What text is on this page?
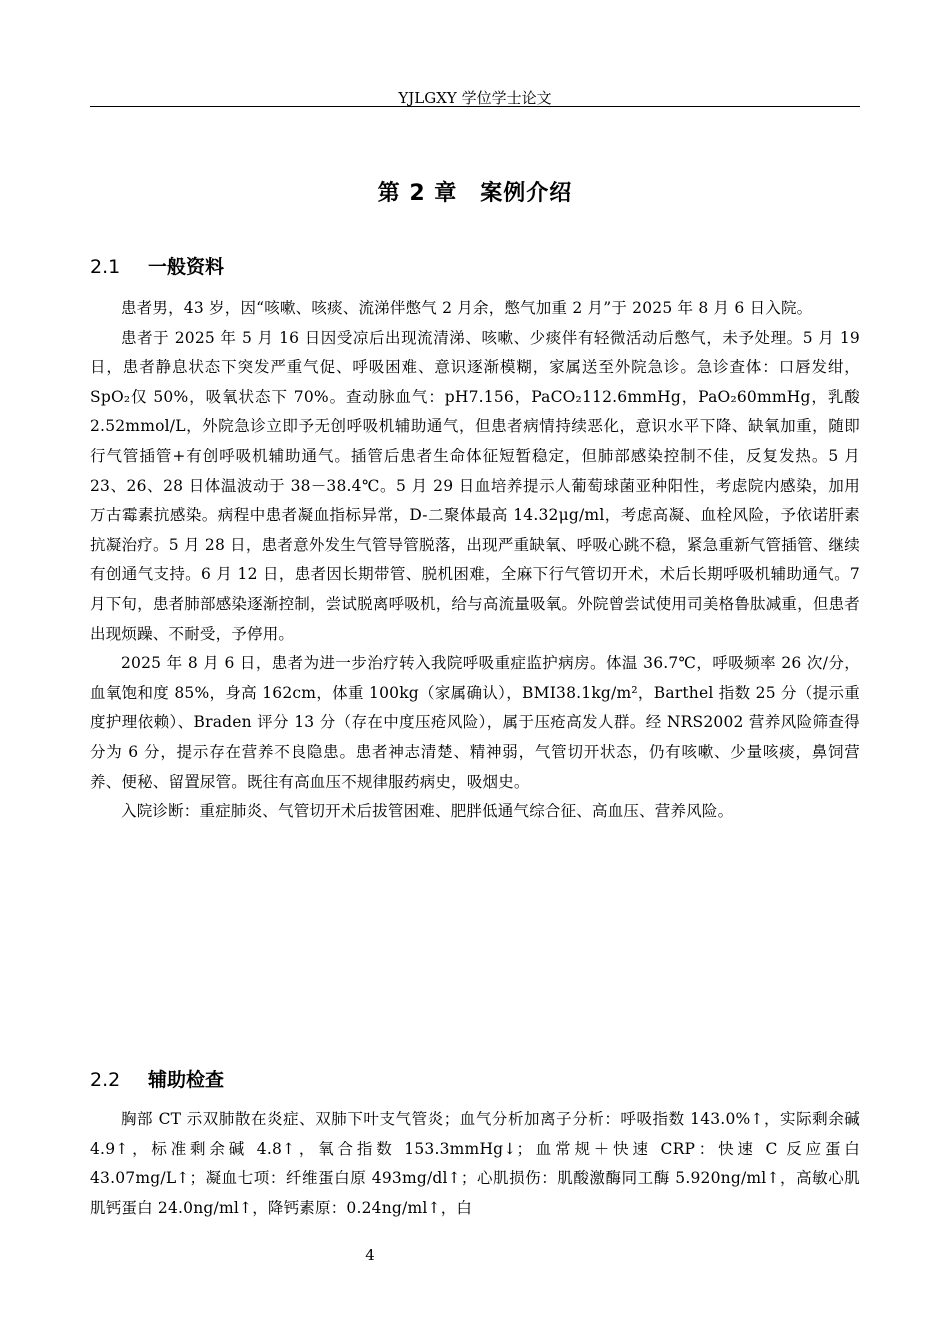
YJLGXY 学位学士论文
第 2 章　案例介绍
2.1 一般资料

患者男，43 岁，因“咳嗽、咳痰、流涕伴憋气 2 月余，憋气加重 2 月”于 2025 年 8 月 6 日入院。

患者于 2025 年 5 月 16 日因受凉后出现流清涕、咳嗽、少痰伴有轻微活动后憋气，未予处理。5 月 19 日，患者静息状态下突发严重气促、呼吸困难、意识逐渐模糊，家属送至外院急诊。急诊查体：口唇发绀，SpO₂仅 50%，吸氧状态下 70%。查动脉血气：pH7.156，PaCO₂112.6mmHg，PaO₂60mmHg，乳酸 2.52mmol/L，外院急诊立即予无创呼吸机辅助通气，但患者病情持续恶化，意识水平下降、缺氧加重，随即行气管插管+有创呼吸机辅助通气。插管后患者生命体征短暂稳定，但肺部感染控制不佳，反复发热。5 月 23、26、28 日体温波动于 38－38.4℃。5 月 29 日血培养提示人葡萄球菌亚种阳性，考虑院内感染，加用万古霉素抗感染。病程中患者凝血指标异常，D-二聚体最高 14.32μg/ml，考虑高凝、血栓风险，予依诺肝素抗凝治疗。5 月 28 日，患者意外发生气管导管脱落，出现严重缺氧、呼吸心跳不稳，紧急重新气管插管、继续有创通气支持。6 月 12 日，患者因长期带管、脱机困难，全麻下行气管切开术，术后长期呼吸机辅助通气。7 月下旬，患者肺部感染逐渐控制，尝试脱离呼吸机，给与高流量吸氧。外院曾尝试使用司美格鲁肽减重，但患者出现烦躁、不耐受，予停用。

2025 年 8 月 6 日，患者为进一步治疗转入我院呼吸重症监护病房。体温 36.7℃，呼吸频率 26 次/分，血氧饱和度 85%，身高 162cm，体重 100kg（家属确认），BMI38.1kg/m²，Barthel 指数 25 分（提示重度护理依赖）、Braden 评分 13 分（存在中度压疮风险），属于压疮高发人群。经 NRS2002 营养风险筛查得分为 6 分，提示存在营养不良隐患。患者神志清楚、精神弱，气管切开状态，仍有咳嗽、少量咳痰，鼻饲营养、便秘、留置尿管。既往有高血压不规律服药病史，吸烟史。

入院诊断：重症肺炎、气管切开术后拔管困难、肥胖低通气综合征、高血压、营养风险。

2.2 辅助检查

胸部 CT 示双肺散在炎症、双肺下叶支气管炎；血气分析加离子分析：呼吸指数 143.0%↑，实际剩余碱 4.9↑，标准剩余碱 4.8↑，氧合指数 153.3mmHg↓；血常规＋快速 CRP：快速 C 反应蛋白 43.07mg/L↑；凝血七项：纤维蛋白原 493mg/dl↑；心肌损伤：肌酸激酶同工酶 5.920ng/ml↑，高敏心肌肌钙蛋白 24.0ng/ml↑，降钙素原：0.24ng/ml↑，白

4
